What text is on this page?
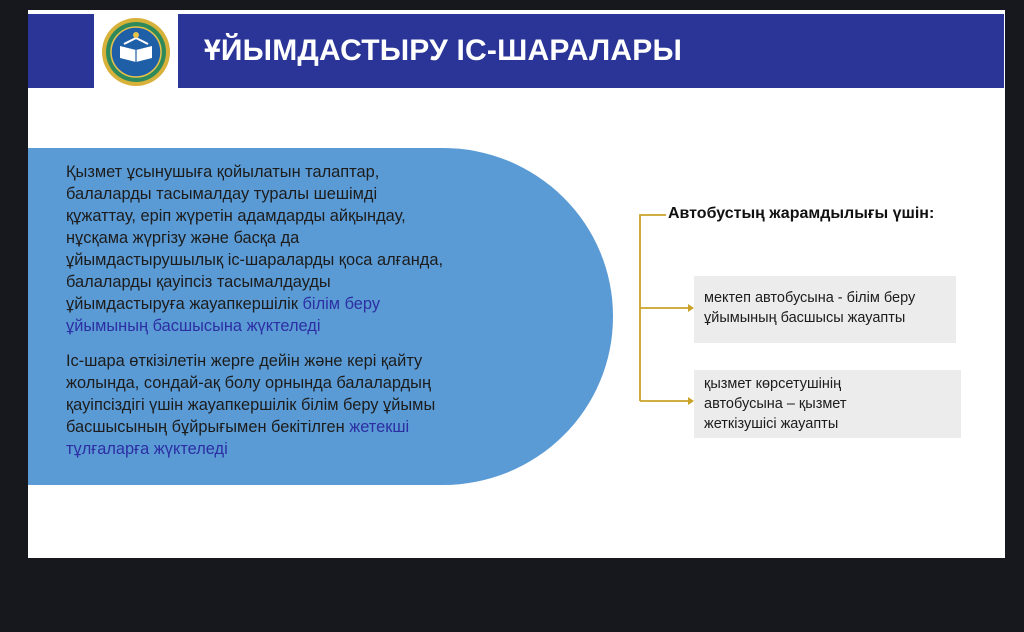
ҰЙЫМДАСТЫРУ ІС-ШАРАЛАРЫ
Қызмет ұсынушыға қойылатын талаптар,
балаларды тасымалдау туралы шешімді
құжаттау, еріп жүретін адамдарды айқындау,
нұсқама жүргізу және басқа да
ұйымдастырушылық іс-шараларды қоса алғанда,
балаларды қауіпсіз тасымалдауды
ұйымдастыруға жауапкершілік білім беру
ұйымының басшысына жүктеледі
Іс-шара өткізілетін жерге дейін және кері қайту
жолында, сондай-ақ болу орнында балалардың
қауіпсіздігі үшін жауапкершілік білім беру ұйымы
басшысының бұйрығымен бекітілген жетекші
тұлғаларға жүктеледі
Автобустың жарамдылығы үшін:
мектеп автобусына - білім беру
ұйымының басшысы жауапты
қызмет көрсетушінің
автобусына – қызмет
жеткізушісі жауапты
